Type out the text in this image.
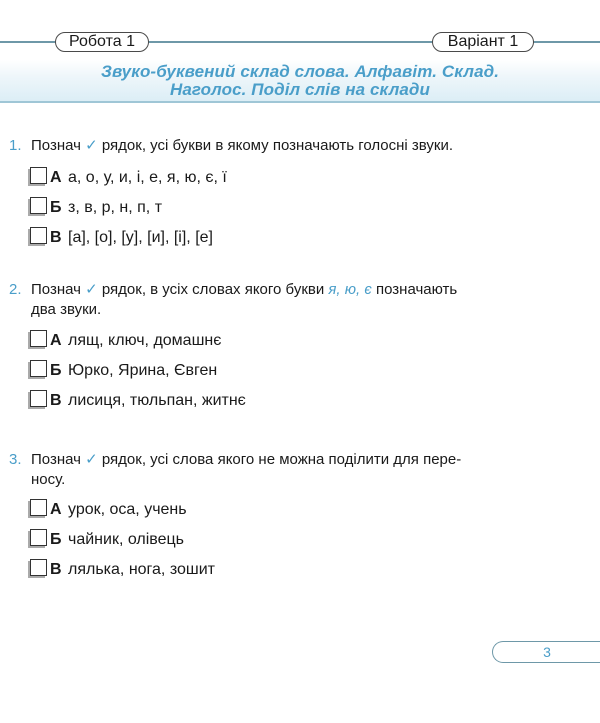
Робота 1	Варіант 1
Звуко-буквений склад слова. Алфавіт. Склад.
Наголос. Поділ слів на склади
1. Познач ✓ рядок, усі букви в якому позначають голосні звуки.
А а, о, у, и, і, е, я, ю, є, ї
Б з, в, р, н, п, т
В [а], [о], [у], [и], [і], [е]
2. Познач ✓ рядок, в усіх словах якого букви я, ю, є позначають
два звуки.
А лящ, ключ, домашнє
Б Юрко, Ярина, Євген
В лисиця, тюльпан, житнє
3. Познач ✓ рядок, усі слова якого не можна поділити для пере-
носу.
А урок, оса, учень
Б чайник, олівець
В лялька, нога, зошит
3
